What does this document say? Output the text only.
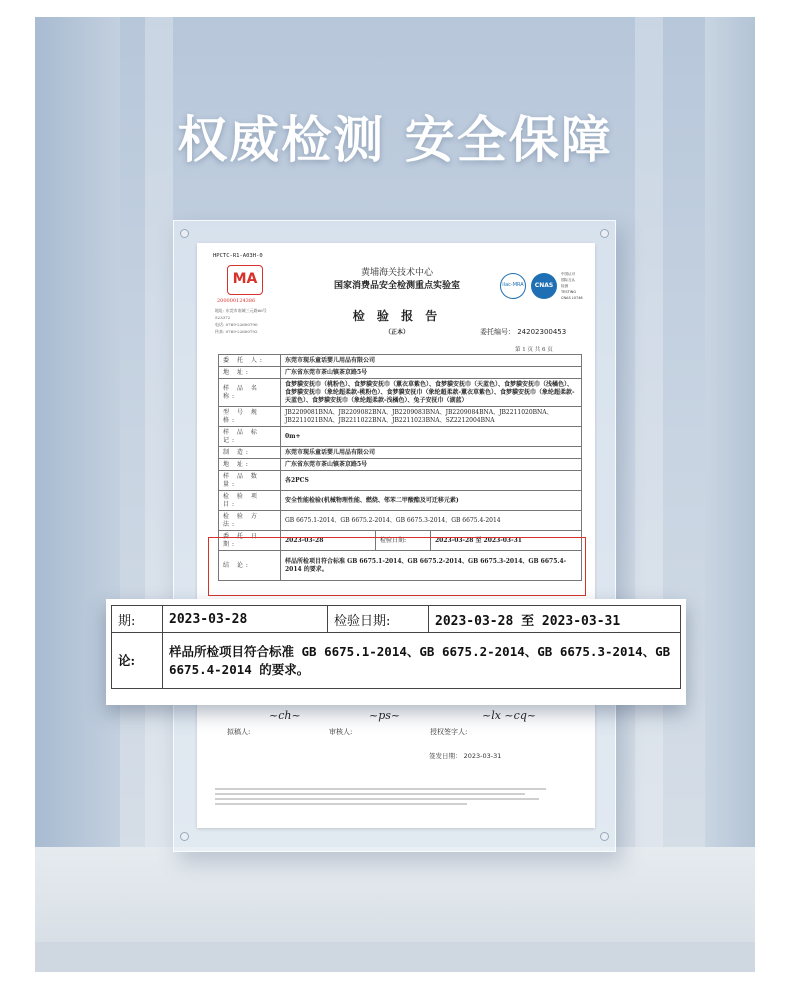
权威检测 安全保障
HPCTC-R1-A03H-0
MA
200000124386
地址: 东莞市南城三元路66号
523372
电话: 0769-22600790
传真: 0769-22600792
黄埔海关技术中心
国家消费品安全检测重点实验室	ilac-MRA	CNAS
中国认可
国际互认
检测
TESTING
CNAS L0746
检 验 报 告
（正本）	委托编号： 24202300453
第 1 页 共 6 页
委 托 人:	东莞市现乐童话婴儿用品有限公司		
地 址:	广东省东莞市茶山镇茶京路5号		
样 品 名 称:	食梦貘安抚巾（桃粉色）、食梦貘安抚巾（薰衣草紫色）、食梦貘安抚巾（天蓝色）、食梦貘安抚巾（浅橘色）、食梦貘安抚巾（象纶超柔款-桃粉色）、食梦貘安抚巾（象纶超柔款-薰衣草紫色）、食梦貘安抚巾（象纶超柔款-天蓝色）、食梦貘安抚巾（象纶超柔款-浅橘色）、兔子安抚巾（湖蓝）		
型 号 规 格:	JB2209081BNA、JB2209082BNA、JB2209083BNA、JB2209084BNA、JB2211020BNA、JB2211021BNA、JB2211022BNA、JB2211023BNA、SZ2212004BNA		
样 品 标 记:	0m+		
制 造:	东莞市现乐童话婴儿用品有限公司		
地 址:	广东省东莞市茶山镇茶京路5号		
样 品 数 量:	各2PCS		
检 验 项 目:	安全性能检验(机械物理性能、燃烧、邻苯二甲酸酯及可迁移元素)		
检 验 方 法:	GB 6675.1-2014、GB 6675.2-2014、GB 6675.3-2014、GB 6675.4-2014		
委 托 日 期:	2023-03-28	检验日期:	2023-03-28 至 2023-03-31
结 论:	样品所检项目符合标准 GB 6675.1-2014、GB 6675.2-2014、GB 6675.3-2014、GB 6675.4-2014 的要求。		
~ch~	~ps~	~lx ~cq~
拟稿人:	审核人:	授权签字人:
签发日期： 2023-03-31
期:	2023-03-28	检验日期:	2023-03-28 至 2023-03-31
论:	样品所检项目符合标准 GB 6675.1-2014、GB 6675.2-2014、GB 6675.3-2014、GB 6675.4-2014 的要求。		
